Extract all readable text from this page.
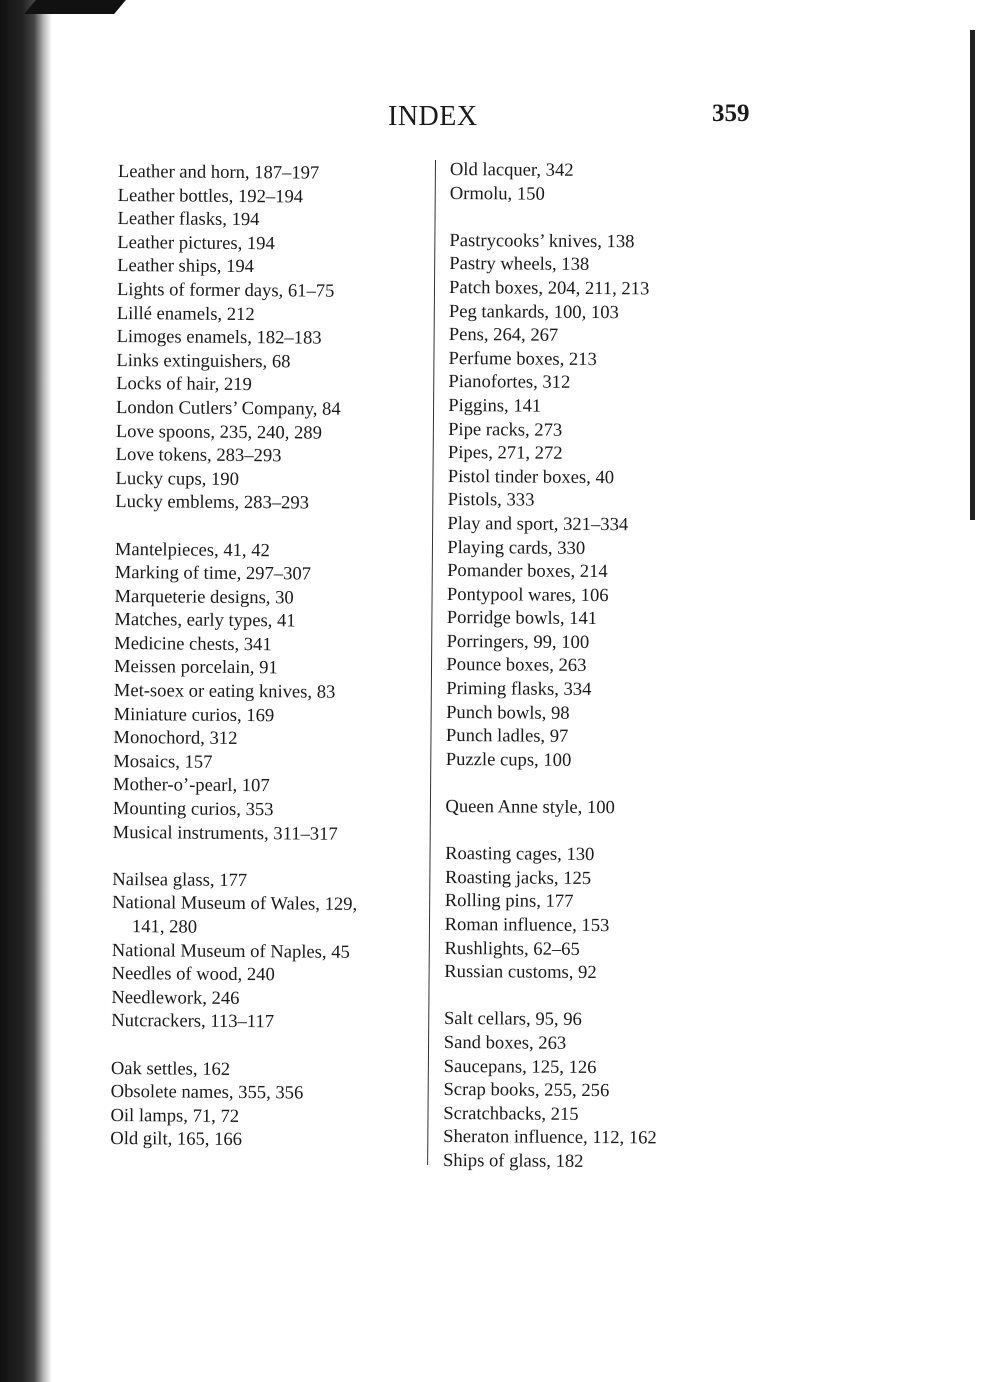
INDEX	359
Leather and horn, 187–197
Leather bottles, 192–194
Leather flasks, 194
Leather pictures, 194
Leather ships, 194
Lights of former days, 61–75
Lillé enamels, 212
Limoges enamels, 182–183
Links extinguishers, 68
Locks of hair, 219
London Cutlers’ Company, 84
Love spoons, 235, 240, 289
Love tokens, 283–293
Lucky cups, 190
Lucky emblems, 283–293
Mantelpieces, 41, 42
Marking of time, 297–307
Marqueterie designs, 30
Matches, early types, 41
Medicine chests, 341
Meissen porcelain, 91
Met-soex or eating knives, 83
Miniature curios, 169
Monochord, 312
Mosaics, 157
Mother-o’-pearl, 107
Mounting curios, 353
Musical instruments, 311–317
Nailsea glass, 177
National Museum of Wales, 129,
141, 280
National Museum of Naples, 45
Needles of wood, 240
Needlework, 246
Nutcrackers, 113–117
Oak settles, 162
Obsolete names, 355, 356
Oil lamps, 71, 72
Old gilt, 165, 166
Old lacquer, 342
Ormolu, 150
Pastrycooks’ knives, 138
Pastry wheels, 138
Patch boxes, 204, 211, 213
Peg tankards, 100, 103
Pens, 264, 267
Perfume boxes, 213
Pianofortes, 312
Piggins, 141
Pipe racks, 273
Pipes, 271, 272
Pistol tinder boxes, 40
Pistols, 333
Play and sport, 321–334
Playing cards, 330
Pomander boxes, 214
Pontypool wares, 106
Porridge bowls, 141
Porringers, 99, 100
Pounce boxes, 263
Priming flasks, 334
Punch bowls, 98
Punch ladles, 97
Puzzle cups, 100
Queen Anne style, 100
Roasting cages, 130
Roasting jacks, 125
Rolling pins, 177
Roman influence, 153
Rushlights, 62–65
Russian customs, 92
Salt cellars, 95, 96
Sand boxes, 263
Saucepans, 125, 126
Scrap books, 255, 256
Scratchbacks, 215
Sheraton influence, 112, 162
Ships of glass, 182
